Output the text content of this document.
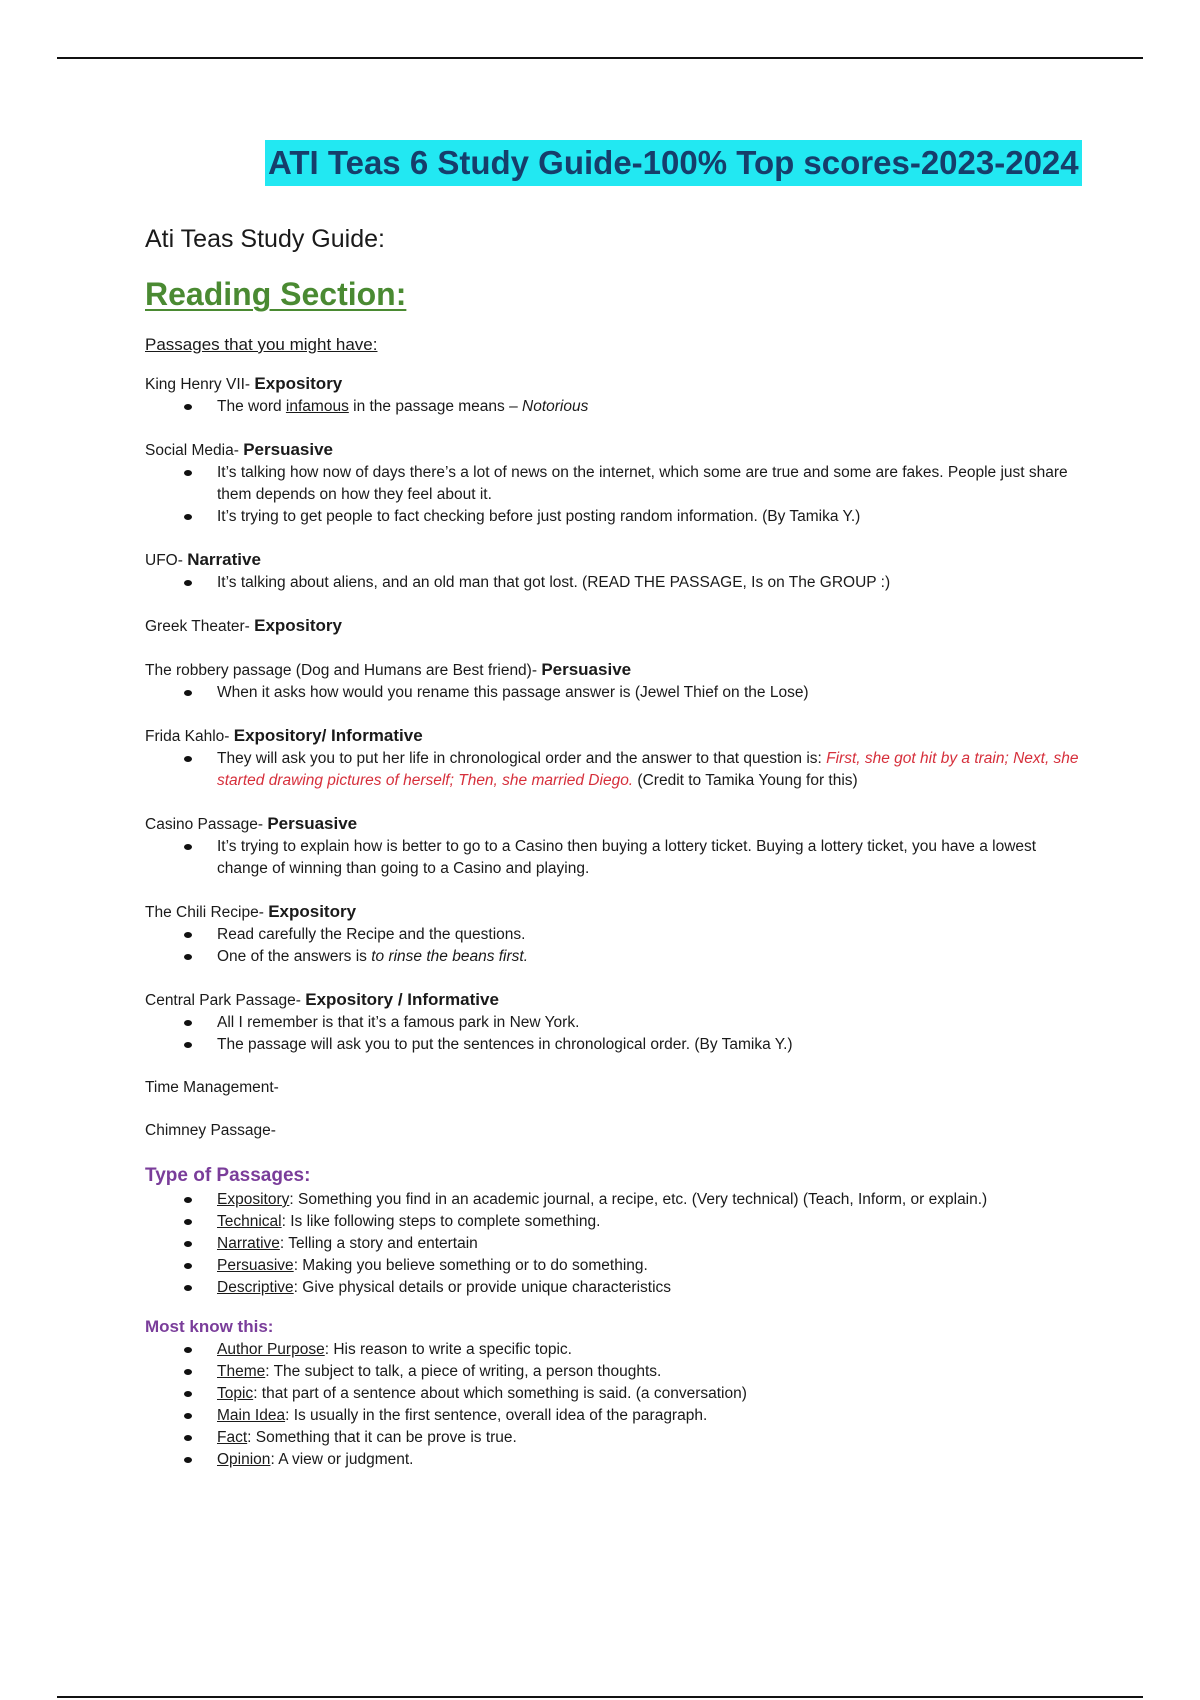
ATI Teas 6 Study Guide-100% Top scores-2023-2024
Ati Teas Study Guide:
Reading Section:
Passages that you might have:
King Henry VII- Expository
The word infamous in the passage means – Notorious
Social Media- Persuasive
It’s talking how now of days there’s a lot of news on the internet, which some are true and some are fakes. People just share them depends on how they feel about it.
It’s trying to get people to fact checking before just posting random information. (By Tamika Y.)
UFO- Narrative
It’s talking about aliens, and an old man that got lost. (READ THE PASSAGE, Is on The GROUP :)
Greek Theater- Expository
The robbery passage (Dog and Humans are Best friend)- Persuasive
When it asks how would you rename this passage answer is (Jewel Thief on the Lose)
Frida Kahlo- Expository/ Informative
They will ask you to put her life in chronological order and the answer to that question is: First, she got hit by a train; Next, she started drawing pictures of herself; Then, she married Diego. (Credit to Tamika Young for this)
Casino Passage- Persuasive
It’s trying to explain how is better to go to a Casino then buying a lottery ticket. Buying a lottery ticket, you have a lowest change of winning than going to a Casino and playing.
The Chili Recipe- Expository
Read carefully the Recipe and the questions.
One of the answers is to rinse the beans first.
Central Park Passage- Expository / Informative
All I remember is that it’s a famous park in New York.
The passage will ask you to put the sentences in chronological order. (By Tamika Y.)
Time Management-
Chimney Passage-
Type of Passages:
Expository: Something you find in an academic journal, a recipe, etc. (Very technical) (Teach, Inform, or explain.)
Technical: Is like following steps to complete something.
Narrative: Telling a story and entertain
Persuasive: Making you believe something or to do something.
Descriptive: Give physical details or provide unique characteristics
Most know this:
Author Purpose: His reason to write a specific topic.
Theme: The subject to talk, a piece of writing, a person thoughts.
Topic: that part of a sentence about which something is said. (a conversation)
Main Idea: Is usually in the first sentence, overall idea of the paragraph.
Fact: Something that it can be prove is true.
Opinion: A view or judgment.
